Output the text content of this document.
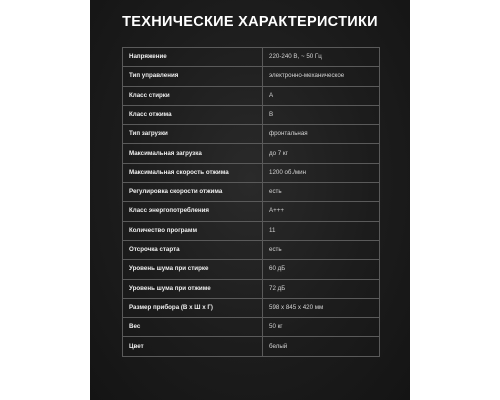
ТЕХНИЧЕСКИЕ ХАРАКТЕРИСТИКИ
Напряжение	220-240 В, ~ 50 Гц
Тип управления	электронно-механическое
Класс стирки	А
Класс отжима	В
Тип загрузки	фронтальная
Максимальная загрузка	до 7 кг
Максимальная скорость отжима	1200 об./мин
Регулировка скорости отжима	есть
Класс энергопотребления	А+++
Количество программ	11
Отсрочка старта	есть
Уровень шума при стирке	60 дБ
Уровень шума при отжиме	72 дБ
Размер прибора (В х Ш х Г)	598 х 845 х 420 мм
Вес	50 кг
Цвет	белый
